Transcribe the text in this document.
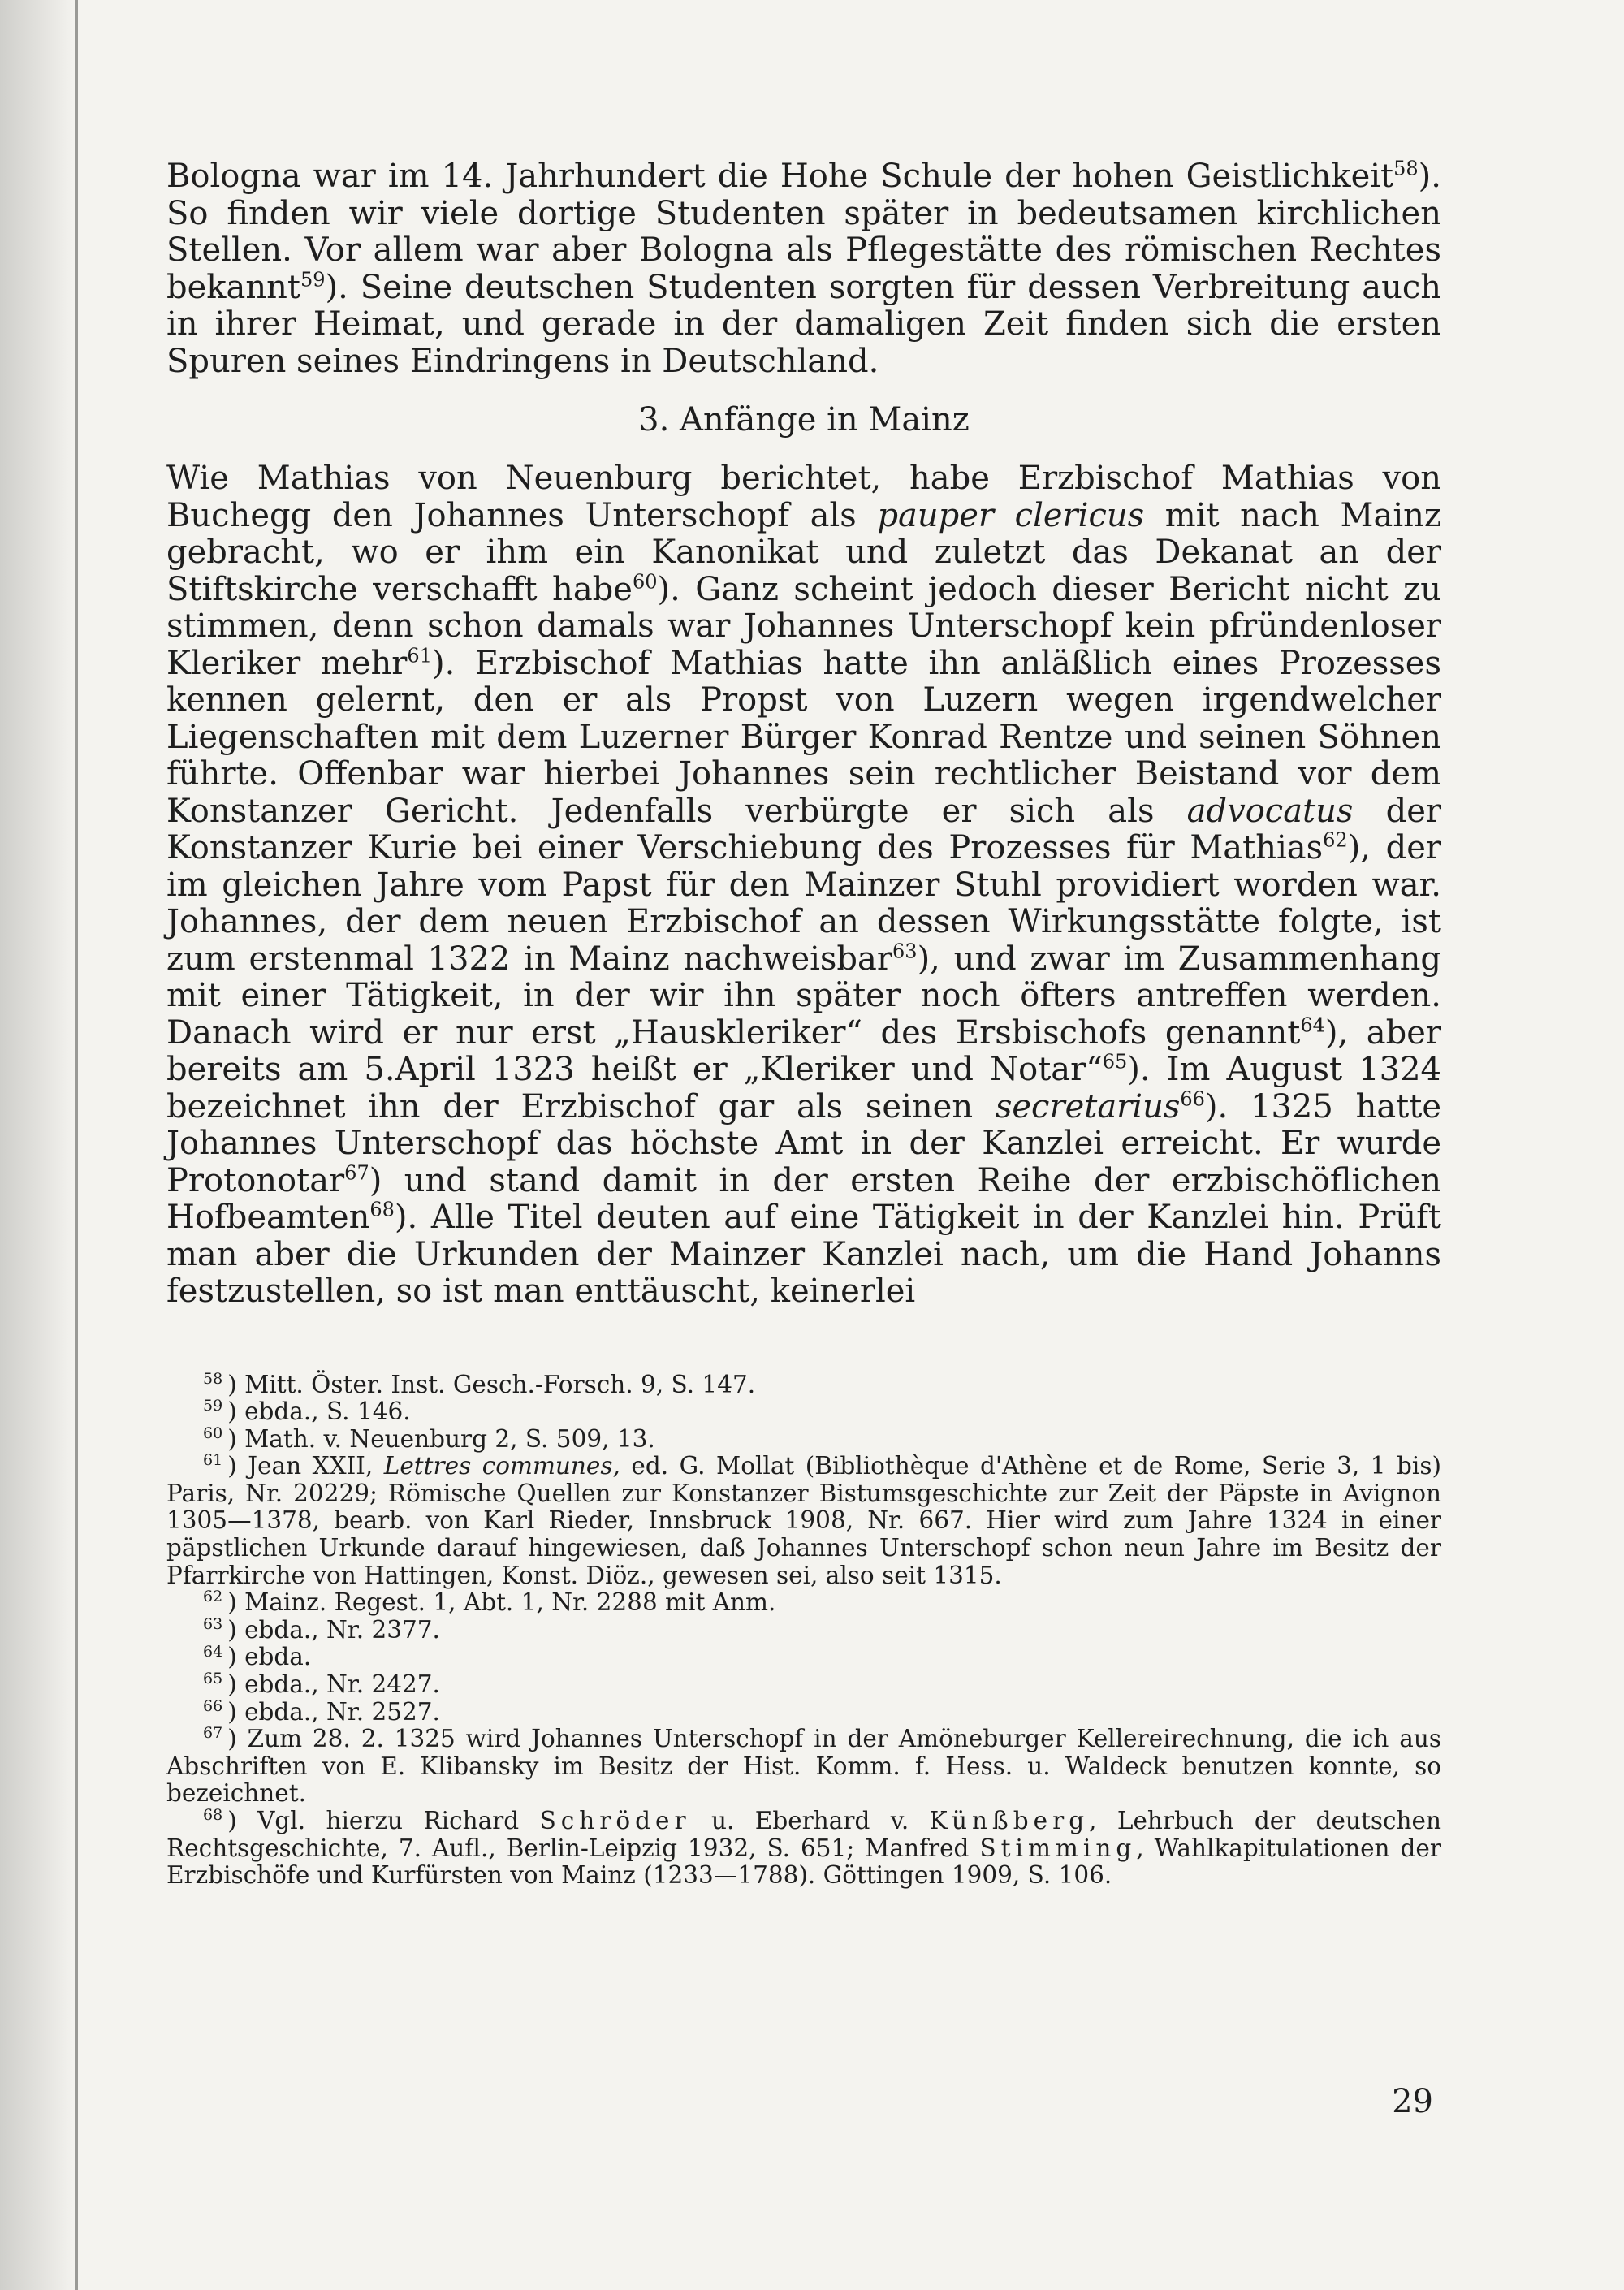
Bologna war im 14. Jahrhundert die Hohe Schule der hohen Geistlichkeit$^{58}$). So finden wir viele dortige Studenten später in bedeutsamen kirchlichen Stellen. Vor allem war aber Bologna als Pflegestätte des römischen Rechtes bekannt$^{59}$). Seine deutschen Studenten sorgten für dessen Verbreitung auch in ihrer Heimat, und gerade in der damaligen Zeit finden sich die ersten Spuren seines Eindringens in Deutschland.

3. Anfänge in Mainz

Wie Mathias von Neuenburg berichtet, habe Erzbischof Mathias von Buchegg den Johannes Unterschopf als pauper clericus mit nach Mainz gebracht, wo er ihm ein Kanonikat und zuletzt das Dekanat an der Stiftskirche verschafft habe$^{60}$). Ganz scheint jedoch dieser Bericht nicht zu stimmen, denn schon damals war Johannes Unterschopf kein pfründenloser Kleriker mehr$^{61}$). Erzbischof Mathias hatte ihn anläßlich eines Prozesses kennen gelernt, den er als Propst von Luzern wegen irgendwelcher Liegenschaften mit dem Luzerner Bürger Konrad Rentze und seinen Söhnen führte. Offenbar war hierbei Johannes sein rechtlicher Beistand vor dem Konstanzer Gericht. Jedenfalls verbürgte er sich als advocatus der Konstanzer Kurie bei einer Verschiebung des Prozesses für Mathias$^{62}$), der im gleichen Jahre vom Papst für den Mainzer Stuhl providiert worden war. Johannes, der dem neuen Erzbischof an dessen Wirkungsstätte folgte, ist zum erstenmal 1322 in Mainz nachweisbar$^{63}$), und zwar im Zusammenhang mit einer Tätigkeit, in der wir ihn später noch öfters antreffen werden. Danach wird er nur erst „Hauskleriker“ des Ersbischofs genannt$^{64}$), aber bereits am 5.April 1323 heißt er „Kleriker und Notar“$^{65}$). Im August 1324 bezeichnet ihn der Erzbischof gar als seinen secretarius$^{66}$). 1325 hatte Johannes Unterschopf das höchste Amt in der Kanzlei erreicht. Er wurde Protonotar$^{67}$) und stand damit in der ersten Reihe der erzbischöflichen Hofbeamten$^{68}$). Alle Titel deuten auf eine Tätigkeit in der Kanzlei hin. Prüft man aber die Urkunden der Mainzer Kanzlei nach, um die Hand Johanns festzustellen, so ist man enttäuscht, keinerlei

58 ) Mitt. Öster. Inst. Gesch.-Forsch. 9, S. 147.

59 ) ebda., S. 146.

60 ) Math. v. Neuenburg 2, S. 509, 13.

61 ) Jean XXII, Lettres communes, ed. G. Mollat (Bibliothèque d'Athène et de Rome, Serie 3, 1 bis) Paris, Nr. 20229; Römische Quellen zur Konstanzer Bistumsgeschichte zur Zeit der Päpste in Avignon 1305—1378, bearb. von Karl Rieder, Innsbruck 1908, Nr. 667. Hier wird zum Jahre 1324 in einer päpstlichen Urkunde darauf hingewiesen, daß Johannes Unterschopf schon neun Jahre im Besitz der Pfarrkirche von Hattingen, Konst. Diöz., gewesen sei, also seit 1315.

62 ) Mainz. Regest. 1, Abt. 1, Nr. 2288 mit Anm.

63 ) ebda., Nr. 2377.

64 ) ebda.

65 ) ebda., Nr. 2427.

66 ) ebda., Nr. 2527.

67 ) Zum 28. 2. 1325 wird Johannes Unterschopf in der Amöneburger Kellereirechnung, die ich aus Abschriften von E. Klibansky im Besitz der Hist. Komm. f. Hess. u. Waldeck benutzen konnte, so bezeichnet.

68 ) Vgl. hierzu Richard Schröder u. Eberhard v. Künßberg, Lehrbuch der deutschen Rechtsgeschichte, 7. Aufl., Berlin-Leipzig 1932, S. 651; Manfred Stimming, Wahlkapitulationen der Erzbischöfe und Kurfürsten von Mainz (1233—1788). Göttingen 1909, S. 106.

29
